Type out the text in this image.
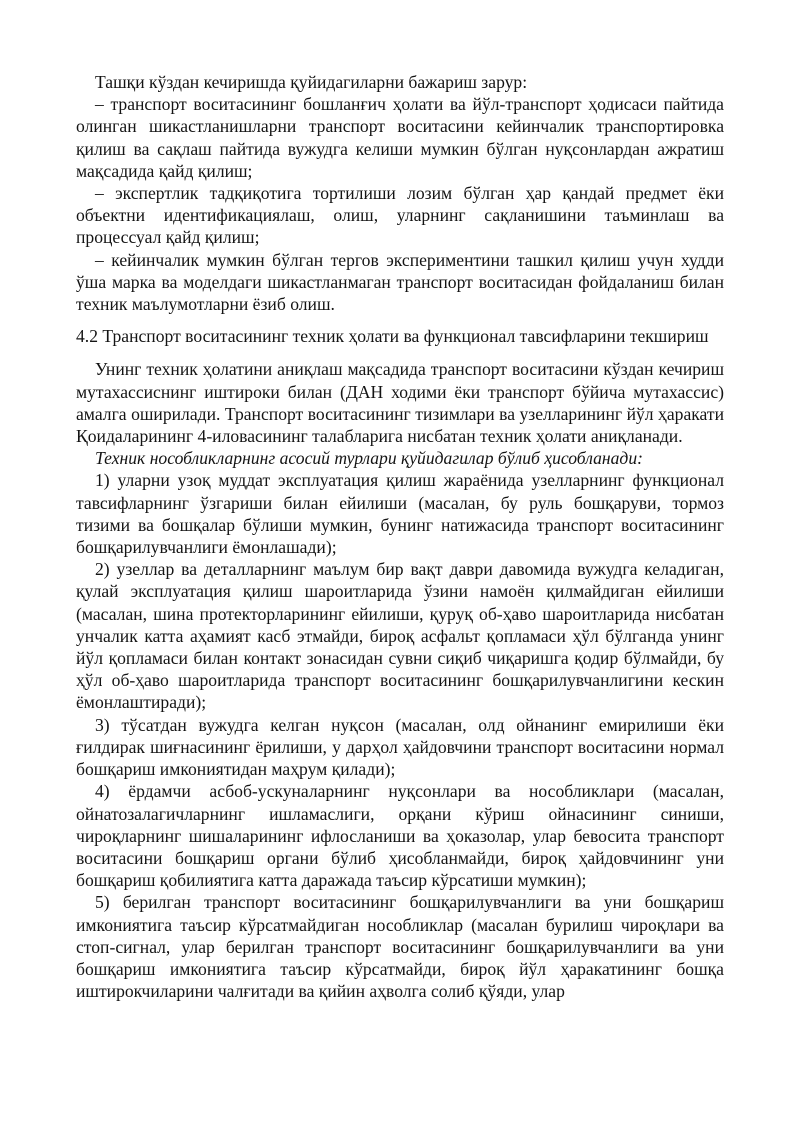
Ташқи кўздан кечиришда қуйидагиларни бажариш зарур:

– транспорт воситасининг бошланғич ҳолати ва йўл-транспорт ҳодисаси пайтида олинган шикастланишларни транспорт воситасини кейинчалик транспортировка қилиш ва сақлаш пайтида вужудга келиши мумкин бўлган нуқсонлардан ажратиш мақсадида қайд қилиш;

– экспертлик тадқиқотига тортилиши лозим бўлган ҳар қандай предмет ёки объектни идентификациялаш, олиш, уларнинг сақланишини таъминлаш ва процессуал қайд қилиш;

– кейинчалик мумкин бўлган тергов экспериментини ташкил қилиш учун худди ўша марка ва моделдаги шикастланмаган транспорт воситасидан фойдаланиш билан техник маълумотларни ёзиб олиш.

4.2 Транспорт воситасининг техник ҳолати ва функционал тавсифларини текшириш

Унинг техник ҳолатини аниқлаш мақсадида транспорт воситасини кўздан кечириш мутахассиснинг иштироки билан (ДАН ходими ёки транспорт бўйича мутахассис) амалга оширилади. Транспорт воситасининг тизимлари ва узелларининг йўл ҳаракати Қоидаларининг 4-иловасининг талабларига нисбатан техник ҳолати аниқланади.

Техник нособликларнинг асосий турлари қуйидагилар бўлиб ҳисобланади:

1) уларни узоқ муддат эксплуатация қилиш жараёнида узелларнинг функционал тавсифларнинг ўзгариши билан ейилиши (масалан, бу руль бошқаруви, тормоз тизими ва бошқалар бўлиши мумкин, бунинг натижасида транспорт воситасининг бошқарилувчанлиги ёмонлашади);

2) узеллар ва деталларнинг маълум бир вақт даври давомида вужудга келадиган, қулай эксплуатация қилиш шароитларида ўзини намоён қилмайдиган ейилиши (масалан, шина протекторларининг ейилиши, қуруқ об-ҳаво шароитларида нисбатан унчалик катта аҳамият касб этмайди, бироқ асфальт қопламаси ҳўл бўлганда унинг йўл қопламаси билан контакт зонасидан сувни сиқиб чиқаришга қодир бўлмайди, бу ҳўл об-ҳаво шароитларида транспорт воситасининг бошқарилувчанлигини кескин ёмонлаштиради);

3) тўсатдан вужудга келган нуқсон (масалан, олд ойнанинг емирилиши ёки ғилдирак шиғнасининг ёрилиши, у дарҳол ҳайдовчини транспорт воситасини нормал бошқариш имкониятидан маҳрум қилади);

4) ёрдамчи асбоб-ускуналарнинг нуқсонлари ва нособликлари (масалан, ойнатозалагичларнинг ишламаслиги, орқани кўриш ойнасининг синиши, чироқларнинг шишаларининг ифлосланиши ва ҳоказолар, улар бевосита транспорт воситасини бошқариш органи бўлиб ҳисобланмайди, бироқ ҳайдовчининг уни бошқариш қобилиятига катта даражада таъсир кўрсатиши мумкин);

5) берилган транспорт воситасининг бошқарилувчанлиги ва уни бошқариш имкониятига таъсир кўрсатмайдиган нособликлар (масалан бурилиш чироқлари ва стоп-сигнал, улар берилган транспорт воситасининг бошқарилувчанлиги ва уни бошқариш имкониятига таъсир кўрсатмайди, бироқ йўл ҳаракатининг бошқа иштирокчиларини чалғитади ва қийин аҳволга солиб қўяди, улар
